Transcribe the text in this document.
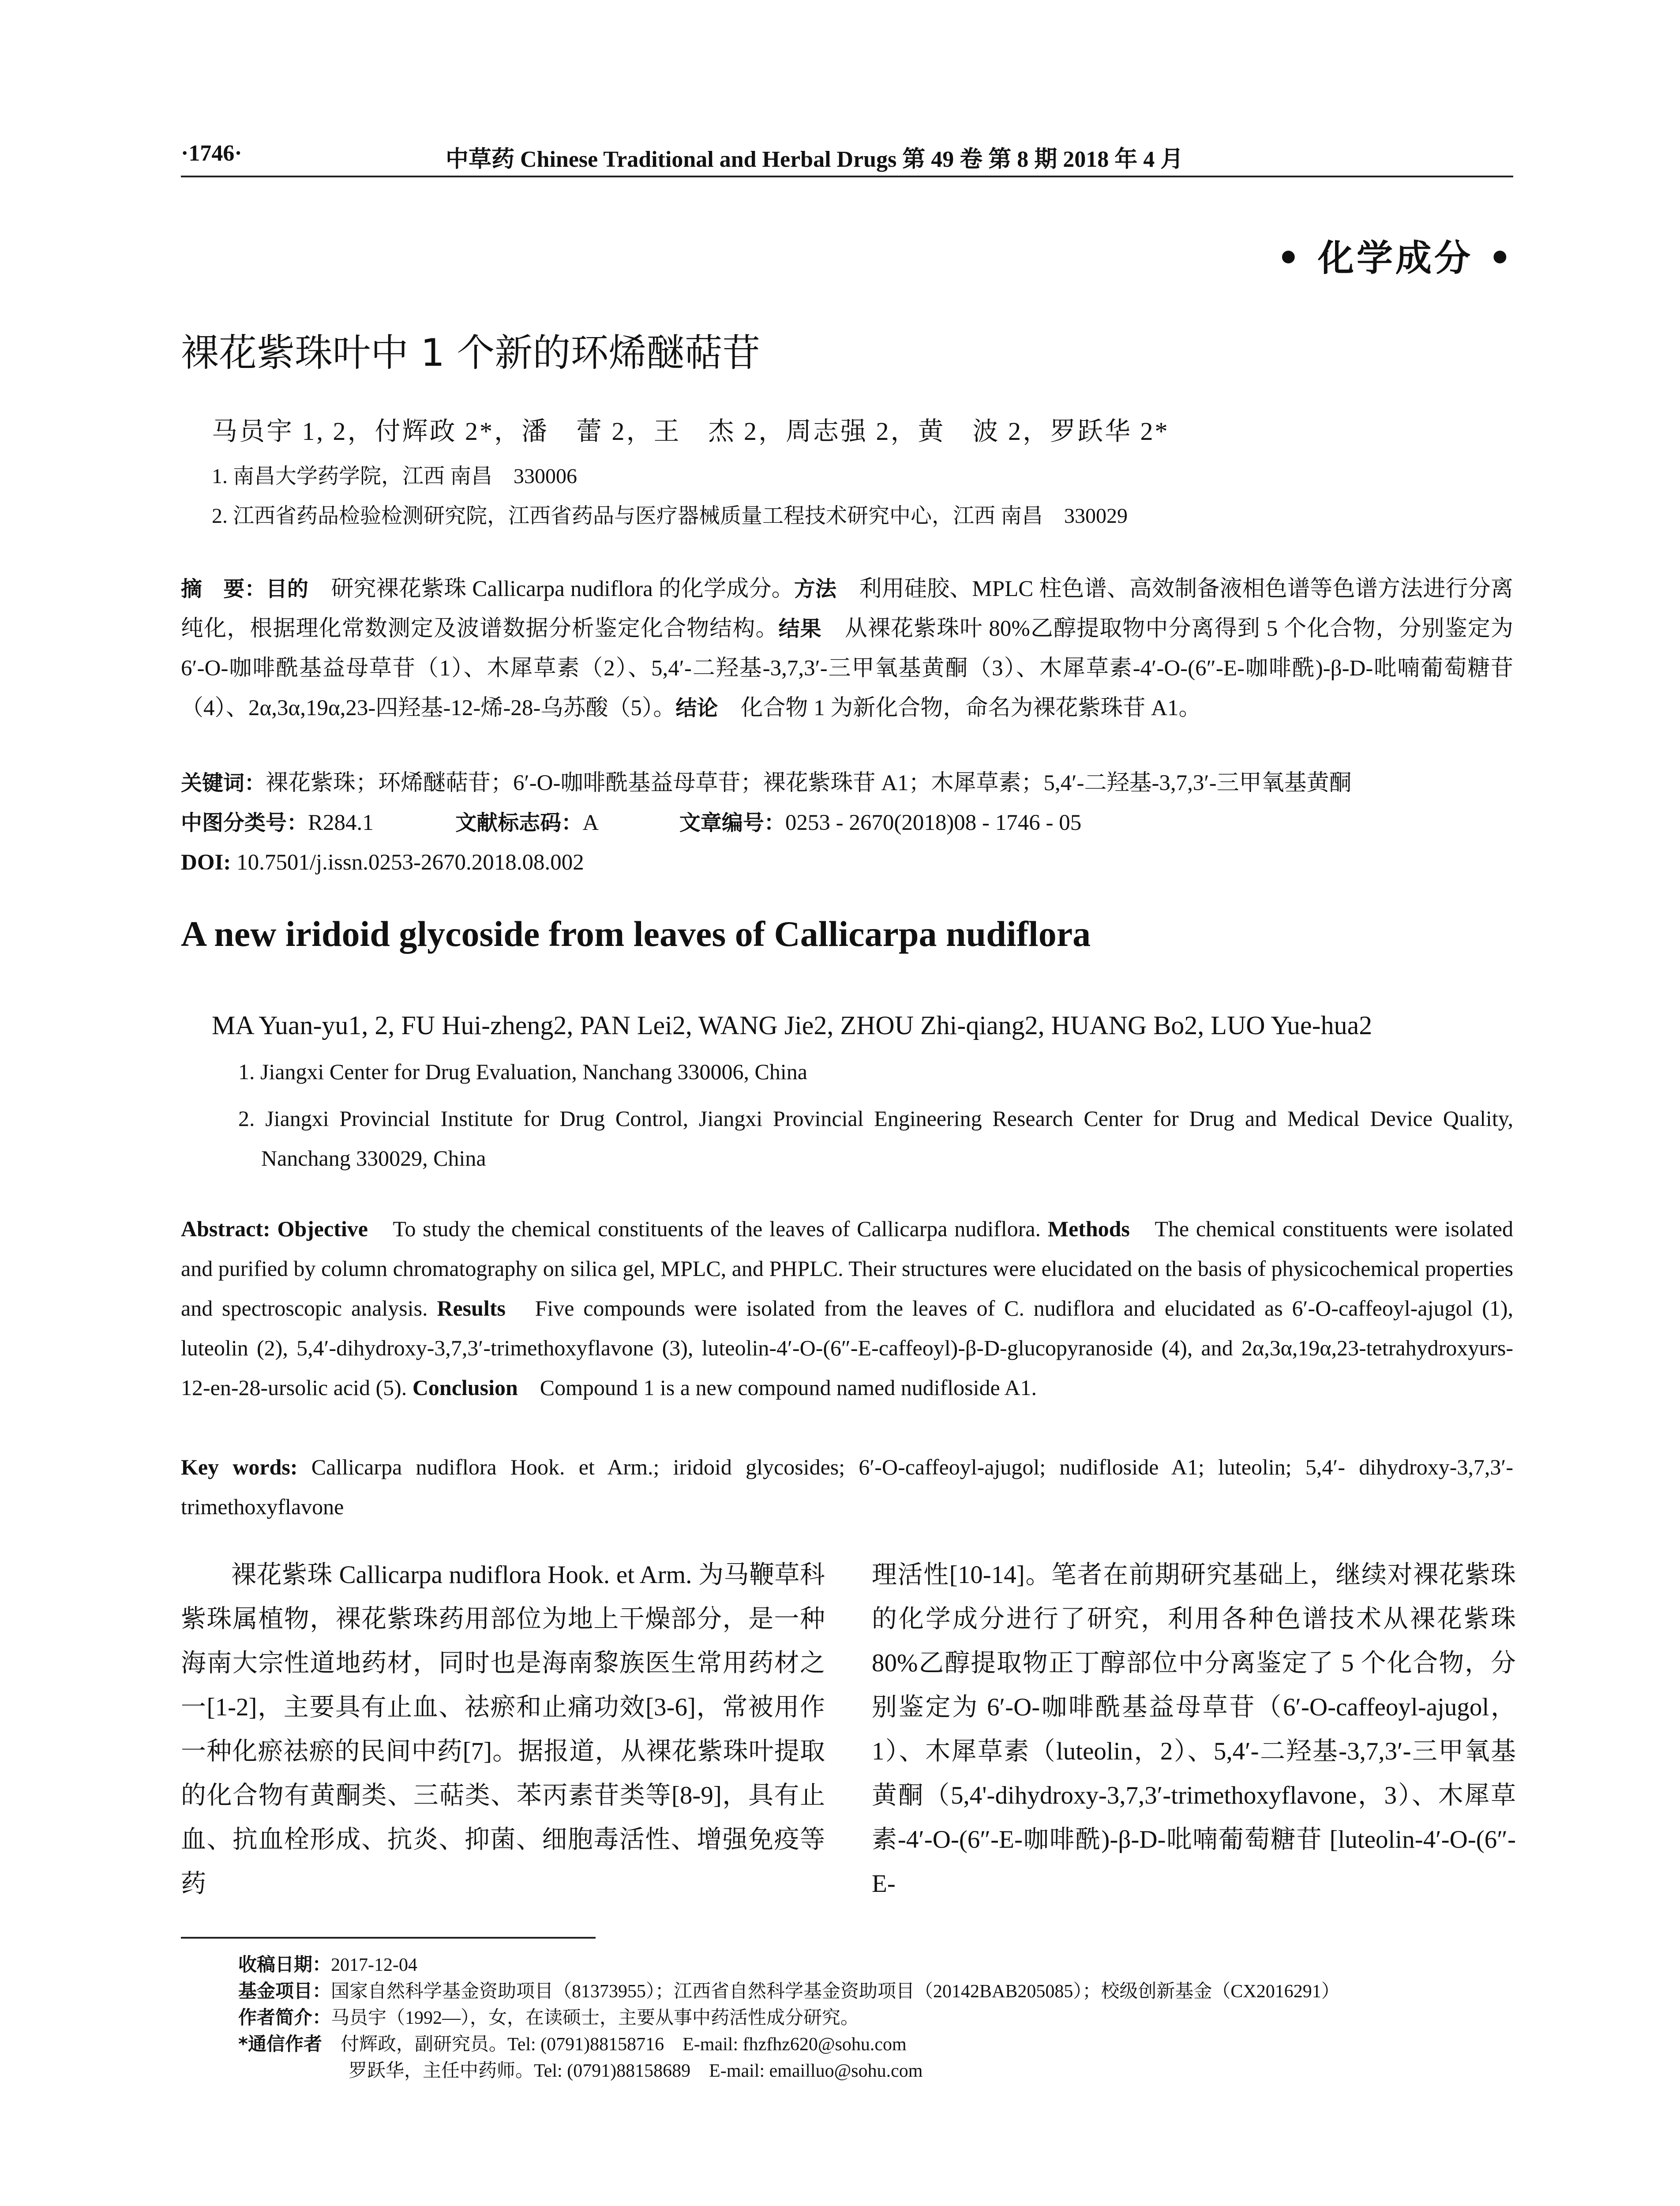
·1746·	中草药 Chinese Traditional and Herbal Drugs 第 49 卷 第 8 期 2018 年 4 月
• 化学成分 •
裸花紫珠叶中 1 个新的环烯醚萜苷
马员宇 1, 2，付辉政 2*，潘　蕾 2，王　杰 2，周志强 2，黄　波 2，罗跃华 2*
1. 南昌大学药学院，江西 南昌　330006
2. 江西省药品检验检测研究院，江西省药品与医疗器械质量工程技术研究中心，江西 南昌　330029
摘　要：目的　 研究裸花紫珠 Callicarpa nudiflora 的化学成分。方法　 利用硅胶、MPLC 柱色谱、高效制备液相色谱等色谱方法进行分离纯化，根据理化常数测定及波谱数据分析鉴定化合物结构。结果　 从裸花紫珠叶 80%乙醇提取物中分离得到 5 个化合物，分别鉴定为 6′-O-咖啡酰基益母草苷（1）、木犀草素（2）、5,4′-二羟基-3,7,3′-三甲氧基黄酮（3）、木犀草素-4′-O-(6″-E-咖啡酰)-β-D-吡喃葡萄糖苷（4）、2α,3α,19α,23-四羟基-12-烯-28-乌苏酸（5）。结论　 化合物 1 为新化合物，命名为裸花紫珠苷 A1。
关键词：裸花紫珠；环烯醚萜苷；6′-O-咖啡酰基益母草苷；裸花紫珠苷 A1；木犀草素；5,4′-二羟基-3,7,3′-三甲氧基黄酮
中图分类号：R284.1	文献标志码：A	文章编号：0253 - 2670(2018)08 - 1746 - 05
DOI: 10.7501/j.issn.0253-2670.2018.08.002
A new iridoid glycoside from leaves of Callicarpa nudiflora
MA Yuan-yu1, 2, FU Hui-zheng2, PAN Lei2, WANG Jie2, ZHOU Zhi-qiang2, HUANG Bo2, LUO Yue-hua2
1. Jiangxi Center for Drug Evaluation, Nanchang 330006, China
2. Jiangxi Provincial Institute for Drug Control, Jiangxi Provincial Engineering Research Center for Drug and Medical Device Quality, Nanchang 330029, China
Abstract: Objective　 To study the chemical constituents of the leaves of Callicarpa nudiflora. Methods　 The chemical constituents were isolated and purified by column chromatography on silica gel, MPLC, and PHPLC. Their structures were elucidated on the basis of physicochemical properties and spectroscopic analysis. Results　 Five compounds were isolated from the leaves of C. nudiflora and elucidated as 6′-O-caffeoyl-ajugol (1), luteolin (2), 5,4′-dihydroxy-3,7,3′-trimethoxyflavone (3), luteolin-4′-O-(6″-E-caffeoyl)-β-D-glucopyranoside (4), and 2α,3α,19α,23-tetrahydroxyurs-12-en-28-ursolic acid (5). Conclusion　 Compound 1 is a new compound named nudifloside A1.
Key words: Callicarpa nudiflora Hook. et Arm.; iridoid glycosides; 6′-O-caffeoyl-ajugol; nudifloside A1; luteolin; 5,4′- dihydroxy-3,7,3′-trimethoxyflavone
裸花紫珠 Callicarpa nudiflora Hook. et Arm. 为马鞭草科紫珠属植物，裸花紫珠药用部位为地上干燥部分，是一种海南大宗性道地药材，同时也是海南黎族医生常用药材之一[1-2]，主要具有止血、祛瘀和止痛功效[3-6]，常被用作一种化瘀祛瘀的民间中药[7]。据报道，从裸花紫珠叶提取的化合物有黄酮类、三萜类、苯丙素苷类等[8-9]，具有止血、抗血栓形成、抗炎、抑菌、细胞毒活性、增强免疫等药
理活性[10-14]。笔者在前期研究基础上，继续对裸花紫珠的化学成分进行了研究，利用各种色谱技术从裸花紫珠 80%乙醇提取物正丁醇部位中分离鉴定了 5 个化合物，分别鉴定为 6′-O-咖啡酰基益母草苷（6′-O-caffeoyl-ajugol，1）、木犀草素（luteolin，2）、5,4′-二羟基-3,7,3′-三甲氧基黄酮（5,4'-dihydroxy-3,7,3′-trimethoxyflavone，3）、木犀草素-4′-O-(6″-E-咖啡酰)-β-D-吡喃葡萄糖苷 [luteolin-4′-O-(6″-E-
收稿日期：2017-12-04
基金项目：国家自然科学基金资助项目（81373955）；江西省自然科学基金资助项目（20142BAB205085）；校级创新基金（CX2016291）
作者简介：马员宇（1992—），女，在读硕士，主要从事中药活性成分研究。
*通信作者　 付辉政，副研究员。Tel: (0791)88158716　E-mail: fhzfhz620@sohu.com
罗跃华，主任中药师。Tel: (0791)88158689　E-mail: emailluo@sohu.com
